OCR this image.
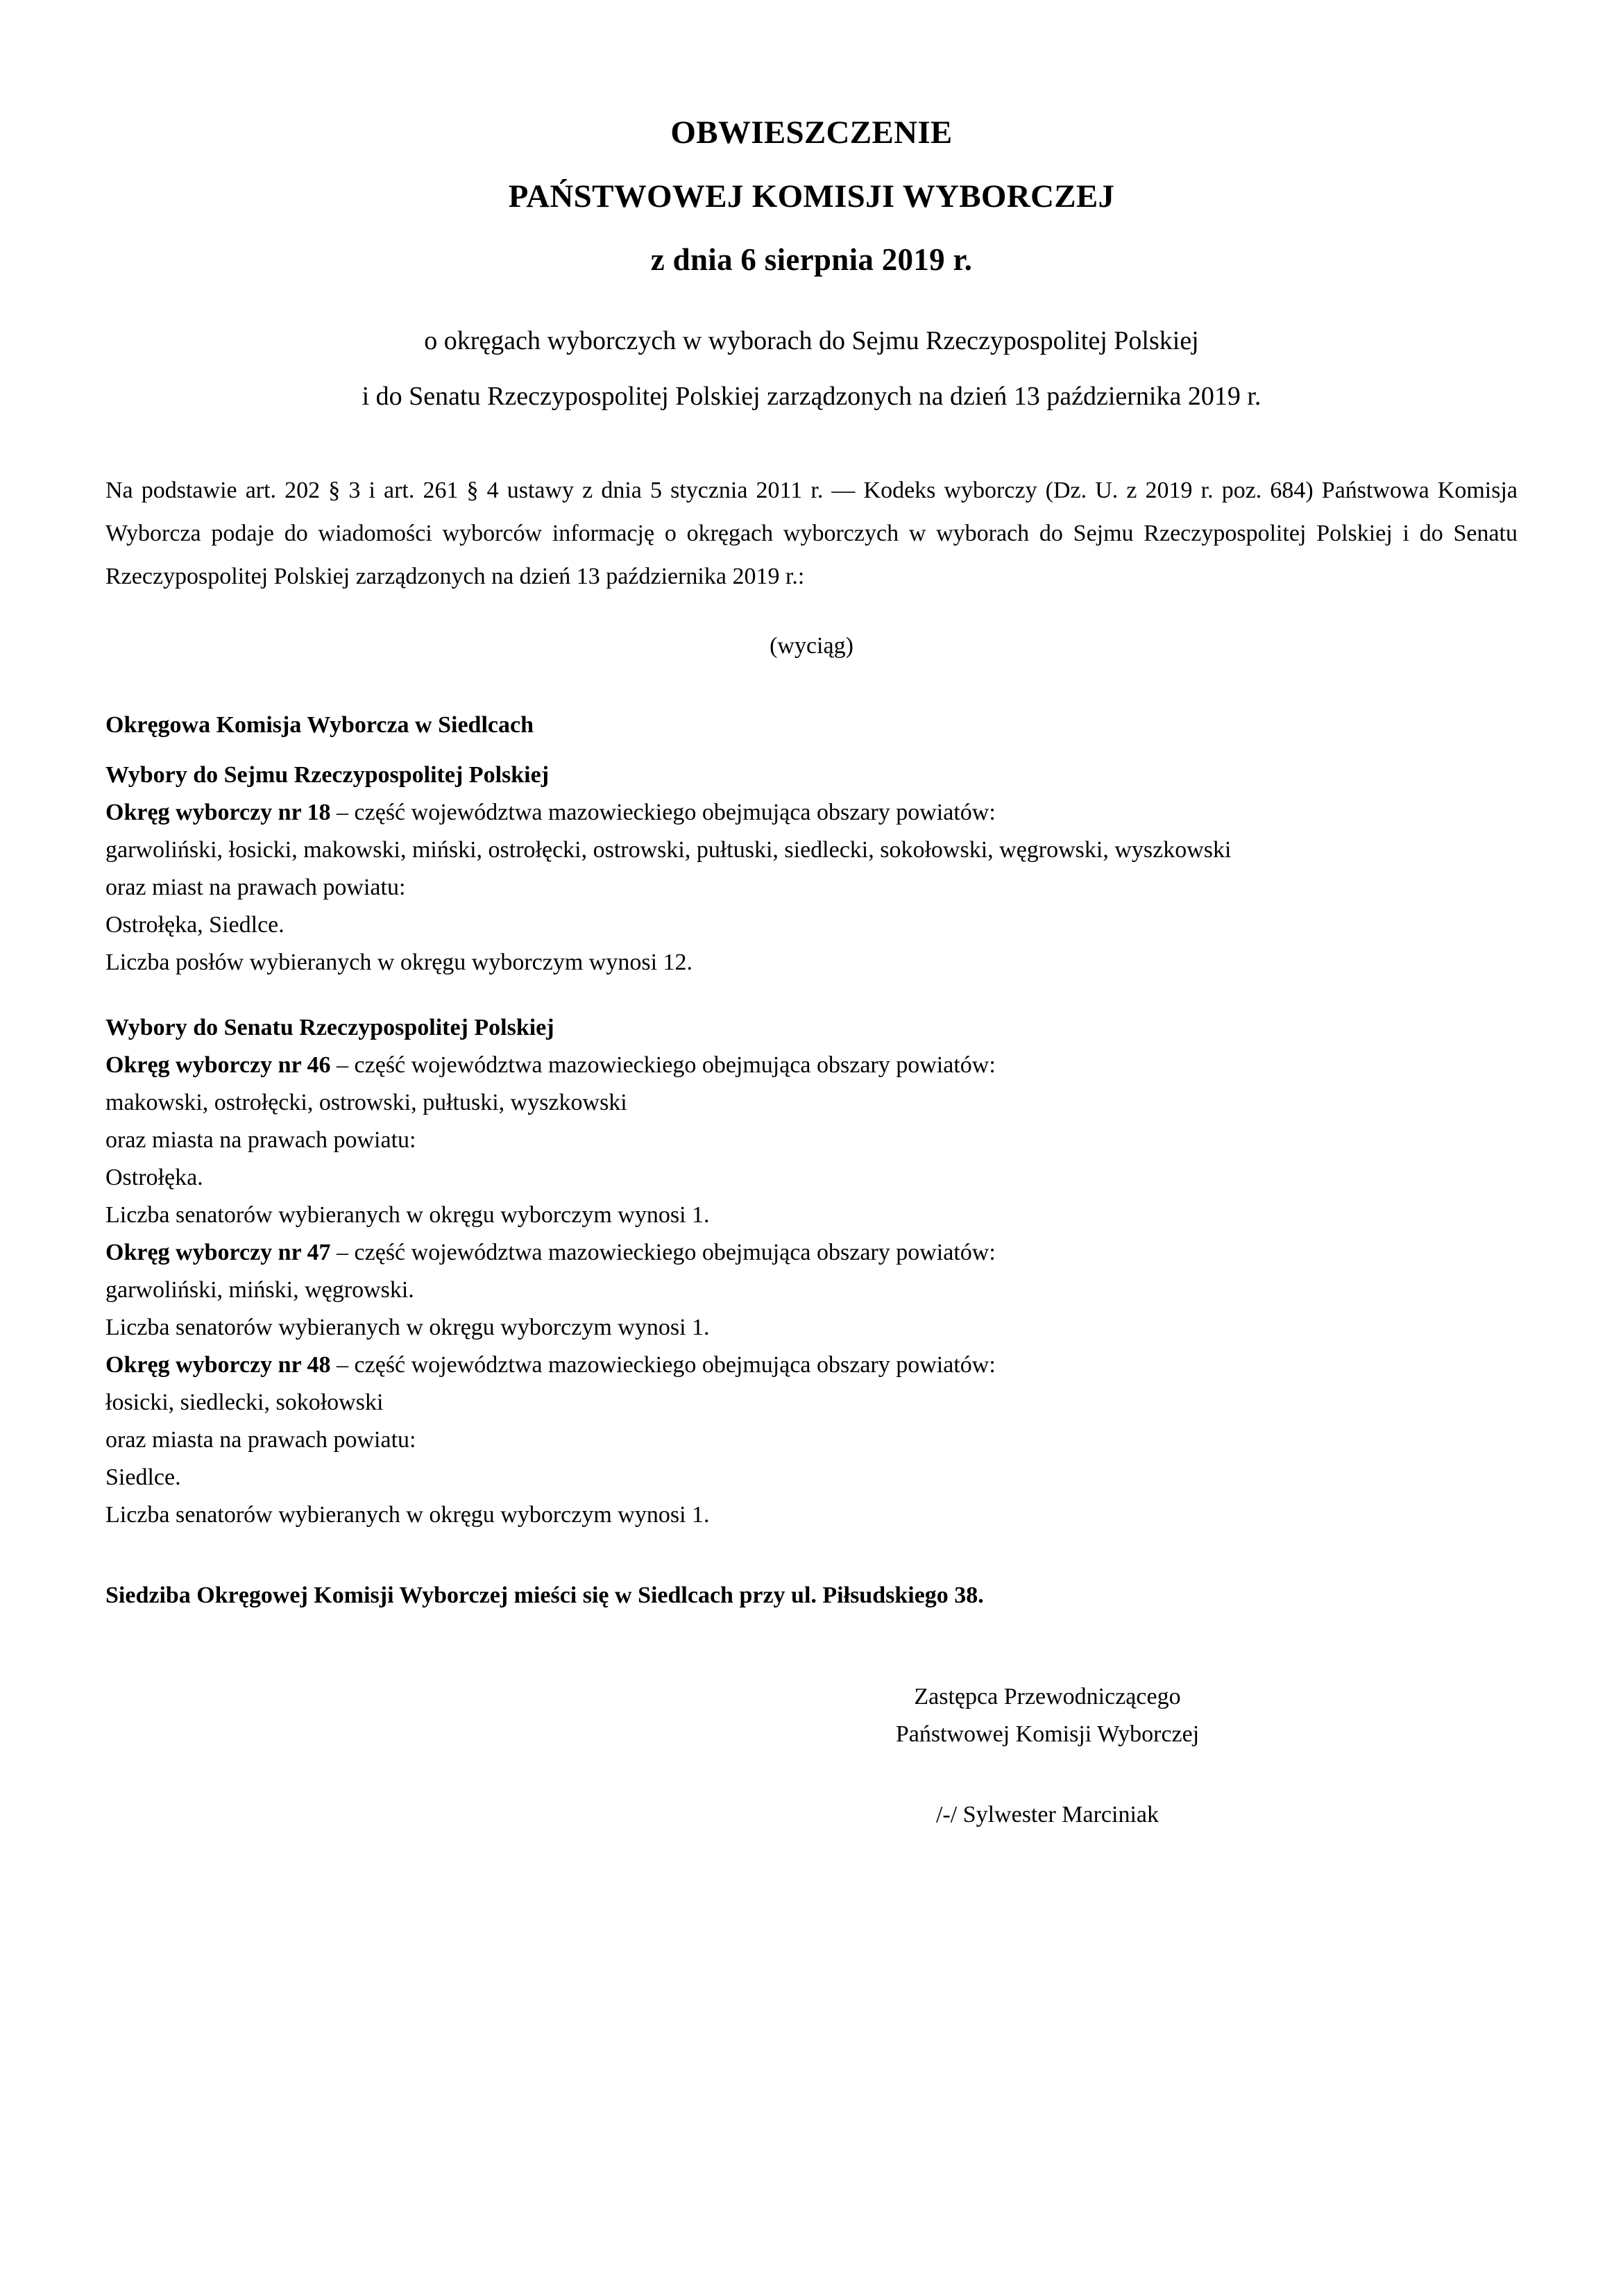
OBWIESZCZENIE
PAŃSTWOWEJ KOMISJI WYBORCZEJ
z dnia 6 sierpnia 2019 r.
o okręgach wyborczych w wyborach do Sejmu Rzeczypospolitej Polskiej
i do Senatu Rzeczypospolitej Polskiej zarządzonych na dzień 13 października 2019 r.
Na podstawie art. 202 § 3 i art. 261 § 4 ustawy z dnia 5 stycznia 2011 r. — Kodeks wyborczy (Dz. U. z 2019 r. poz. 684) Państwowa Komisja Wyborcza podaje do wiadomości wyborców informację o okręgach wyborczych w wyborach do Sejmu Rzeczypospolitej Polskiej i do Senatu Rzeczypospolitej Polskiej zarządzonych na dzień 13 października 2019 r.:
(wyciąg)
Okręgowa Komisja Wyborcza w Siedlcach
Wybory do Sejmu Rzeczypospolitej Polskiej
Okręg wyborczy nr 18 – część województwa mazowieckiego obejmująca obszary powiatów:
garwoliński, łosicki, makowski, miński, ostrołęcki, ostrowski, pułtuski, siedlecki, sokołowski, węgrowski, wyszkowski
oraz miast na prawach powiatu:
Ostrołęka, Siedlce.
Liczba posłów wybieranych w okręgu wyborczym wynosi 12.
Wybory do Senatu Rzeczypospolitej Polskiej
Okręg wyborczy nr 46 – część województwa mazowieckiego obejmująca obszary powiatów:
makowski, ostrołęcki, ostrowski, pułtuski, wyszkowski
oraz miasta na prawach powiatu:
Ostrołęka.
Liczba senatorów wybieranych w okręgu wyborczym wynosi 1.
Okręg wyborczy nr 47 – część województwa mazowieckiego obejmująca obszary powiatów:
garwoliński, miński, węgrowski.
Liczba senatorów wybieranych w okręgu wyborczym wynosi 1.
Okręg wyborczy nr 48 – część województwa mazowieckiego obejmująca obszary powiatów:
łosicki, siedlecki, sokołowski
oraz miasta na prawach powiatu:
Siedlce.
Liczba senatorów wybieranych w okręgu wyborczym wynosi 1.
Siedziba Okręgowej Komisji Wyborczej mieści się w Siedlcach przy ul. Piłsudskiego 38.
Zastępca Przewodniczącego
Państwowej Komisji Wyborczej
/-/ Sylwester Marciniak
